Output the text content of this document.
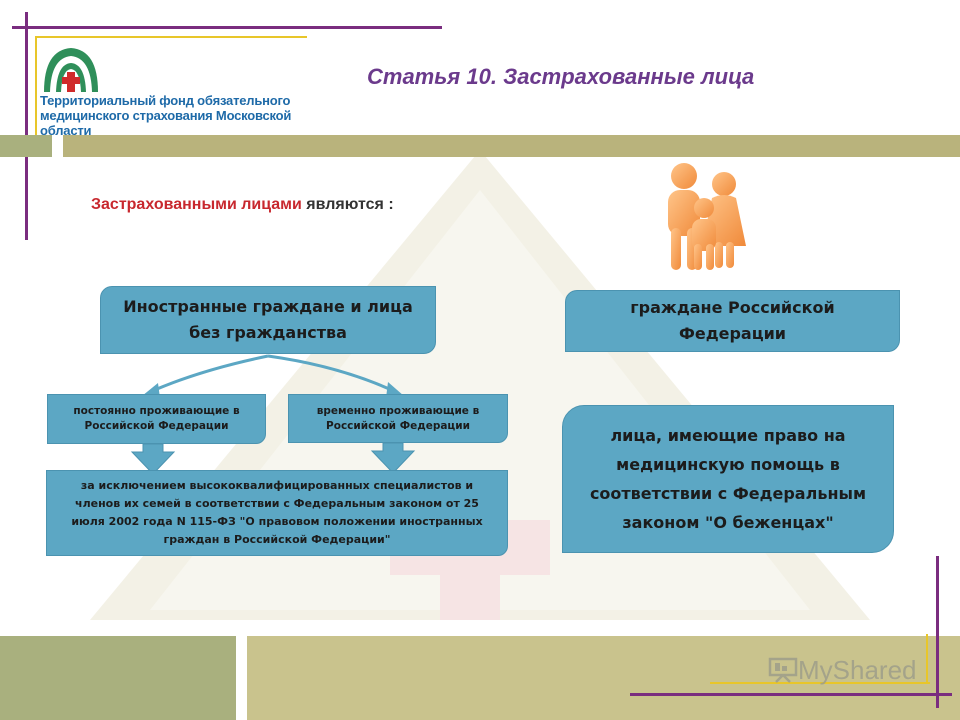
Территориальный фонд обязательного
медицинского страхования Московской области
Статья 10. Застрахованные лица
Застрахованными лицами являются :
Иностранные граждане и лица без гражданства
граждане Российской Федерации
постоянно проживающие в Российской Федерации
временно проживающие в Российской Федерации
за исключением высококвалифицированных специалистов и членов их семей в соответствии с Федеральным законом от 25 июля 2002 года N 115-ФЗ "О правовом положении иностранных граждан в Российской Федерации"
лица, имеющие право на медицинскую помощь в соответствии с Федеральным законом "О беженцах"
MyShared
